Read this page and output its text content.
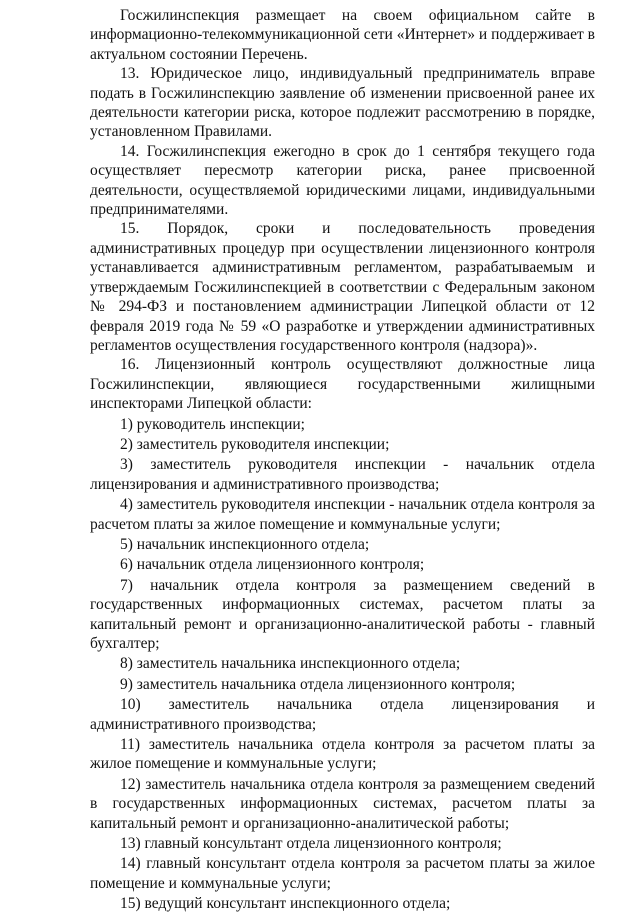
Госжилинспекция размещает на своем официальном сайте в информационно-телекоммуникационной сети «Интернет» и поддерживает в актуальном состоянии Перечень.

13. Юридическое лицо, индивидуальный предприниматель вправе подать в Госжилинспекцию заявление об изменении присвоенной ранее их деятельности категории риска, которое подлежит рассмотрению в порядке, установленном Правилами.

14. Госжилинспекция ежегодно в срок до 1 сентября текущего года осуществляет пересмотр категории риска, ранее присвоенной деятельности, осуществляемой юридическими лицами, индивидуальными предпринимателями.

15. Порядок, сроки и последовательность проведения административных процедур при осуществлении лицензионного контроля устанавливается административным регламентом, разрабатываемым и утверждаемым Госжилинспекцией в соответствии с Федеральным законом № 294-ФЗ и постановлением администрации Липецкой области от 12 февраля 2019 года № 59 «О разработке и утверждении административных регламентов осуществления государственного контроля (надзора)».

16. Лицензионный контроль осуществляют должностные лица Госжилинспекции, являющиеся государственными жилищными инспекторами Липецкой области:

1) руководитель инспекции;

2) заместитель руководителя инспекции;

3) заместитель руководителя инспекции - начальник отдела лицензирования и административного производства;

4) заместитель руководителя инспекции - начальник отдела контроля за расчетом платы за жилое помещение и коммунальные услуги;

5) начальник инспекционного отдела;

6) начальник отдела лицензионного контроля;

7) начальник отдела контроля за размещением сведений в государственных информационных системах, расчетом платы за капитальный ремонт и организационно-аналитической работы - главный бухгалтер;

8) заместитель начальника инспекционного отдела;

9) заместитель начальника отдела лицензионного контроля;

10) заместитель начальника отдела лицензирования и административного производства;

11) заместитель начальника отдела контроля за расчетом платы за жилое помещение и коммунальные услуги;

12) заместитель начальника отдела контроля за размещением сведений в государственных информационных системах, расчетом платы за капитальный ремонт и организационно-аналитической работы;

13) главный консультант отдела лицензионного контроля;

14) главный консультант отдела контроля за расчетом платы за жилое помещение и коммунальные услуги;

15) ведущий консультант инспекционного отдела;
